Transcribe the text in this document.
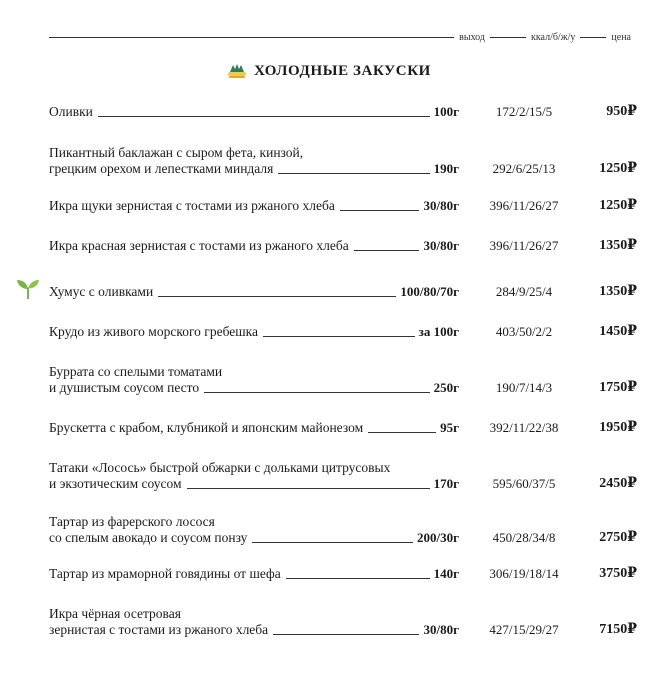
выход	ккал/б/ж/у	цена
ХОЛОДНЫЕ ЗАКУСКИ
Оливки	100г	172/2/15/5	950₽
Пикантный баклажан с сыром фета, кинзой,
грецким орехом и лепестками миндаля	190г	292/6/25/13	1250₽
Икра щуки зернистая с тостами из ржаного хлеба	30/80г	396/11/26/27	1250₽
Икра красная зернистая с тостами из ржаного хлеба	30/80г	396/11/26/27	1350₽
Хумус с оливками	100/80/70г	284/9/25/4	1350₽
Крудо из живого морского гребешка	за 100г	403/50/2/2	1450₽
Буррата со спелыми томатами
и душистым соусом песто	250г	190/7/14/3	1750₽
Брускетта с крабом, клубникой и японским майонезом	95г	392/11/22/38	1950₽
Татаки «Лосось» быстрой обжарки с дольками цитрусовых
и экзотическим соусом	170г	595/60/37/5	2450₽
Тартар из фарерского лосося
со спелым авокадо и соусом понзу	200/30г	450/28/34/8	2750₽
Тартар из мраморной говядины от шефа	140г	306/19/18/14	3750₽
Икра чёрная осетровая
зернистая с тостами из ржаного хлеба	30/80г	427/15/29/27	7150₽
